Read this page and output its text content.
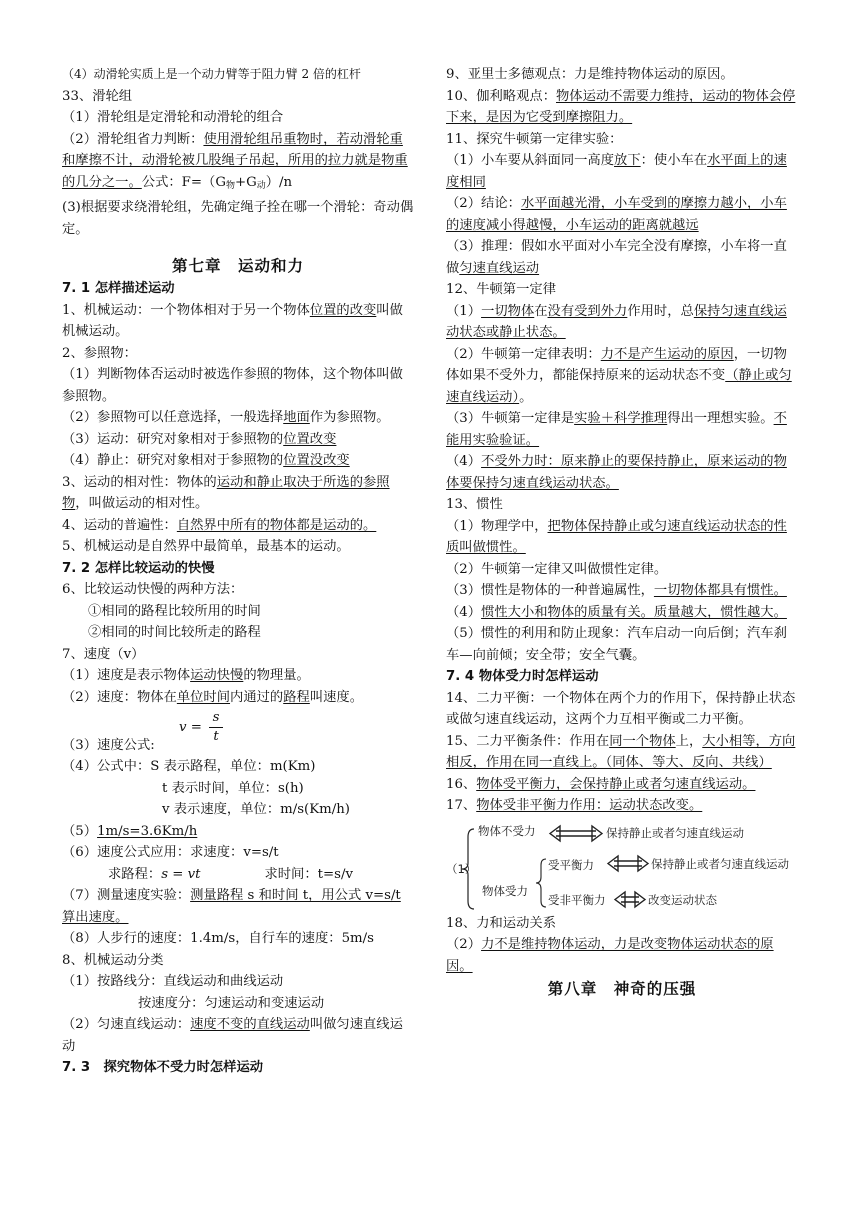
（4）动滑轮实质上是一个动力臂等于阻力臂 2 倍的杠杆
33、滑轮组
（1）滑轮组是定滑轮和动滑轮的组合
（2）滑轮组省力判断：使用滑轮组吊重物时，若动滑轮重和摩擦不计，动滑轮被几股绳子吊起，所用的拉力就是物重的几分之一。公式：$F=(G_物+G_动)/n$
(3)根据要求绕滑轮组，先确定绳子拴在哪一个滑轮：奇动偶定。
第七章　运动和力
7. 1 怎样描述运动
1、机械运动：一个物体相对于另一个物体位置的改变叫做机械运动。
2、参照物：
（1）判断物体否运动时被选作参照的物体，这个物体叫做参照物。
（2）参照物可以任意选择，一般选择地面作为参照物。
（3）运动：研究对象相对于参照物的位置改变
（4）静止：研究对象相对于参照物的位置没改变
3、运动的相对性：物体的运动和静止取决于所选的参照物，叫做运动的相对性。
4、运动的普遍性：自然界中所有的物体都是运动的。
5、机械运动是自然界中最简单，最基本的运动。
7. 2 怎样比较运动的快慢
6、比较运动快慢的两种方法：
①相同的路程比较所用的时间
②相同的时间比较所走的路程
7、速度（v）
（1）速度是表示物体运动快慢的物理量。
（2）速度：物体在单位时间内通过的路程叫速度。
（3）速度公式:
v =
s
t
（4）公式中：S 表示路程，单位：m(Km)
t 表示时间，单位：s(h)
v 表示速度，单位：m/s(Km/h)
（5）1m/s=3.6Km/h
（6）速度公式应用：求速度：v=s/t
求路程：s = vt	求时间：t=s/v
（7）测量速度实验：测量路程 s 和时间 t，用公式 v=s/t 算出速度。
（8）人步行的速度：1.4m/s，自行车的速度：5m/s
8、机械运动分类
（1）按路线分：直线运动和曲线运动
按速度分：匀速运动和变速运动
（2）匀速直线运动：速度不变的直线运动叫做匀速直线运动
7. 3　探究物体不受力时怎样运动
9、亚里士多德观点：力是维持物体运动的原因。
10、伽利略观点：物体运动不需要力维持，运动的物体会停下来，是因为它受到摩擦阻力。
11、探究牛顿第一定律实验：
（1）小车要从斜面同一高度放下：使小车在水平面上的速度相同
（2）结论：水平面越光滑，小车受到的摩擦力越小，小车的速度减小得越慢，小车运动的距离就越远
（3）推理：假如水平面对小车完全没有摩擦，小车将一直做匀速直线运动
12、牛顿第一定律
（1）一切物体在没有受到外力作用时，总保持匀速直线运动状态或静止状态。
（2）牛顿第一定律表明：力不是产生运动的原因，一切物体如果不受外力，都能保持原来的运动状态不变（静止或匀速直线运动）。
（3）牛顿第一定律是实验＋科学推理得出一理想实验。不能用实验验证。
（4）不受外力时：原来静止的要保持静止，原来运动的物体要保持匀速直线运动状态。
13、惯性
（1）物理学中，把物体保持静止或匀速直线运动状态的性质叫做惯性。
（2）牛顿第一定律又叫做惯性定律。
（3）惯性是物体的一种普遍属性，一切物体都具有惯性。
（4）惯性大小和物体的质量有关。质量越大，惯性越大。
（5）惯性的利用和防止现象：汽车启动一向后倒；汽车刹车—向前倾；安全带；安全气囊。
7. 4 物体受力时怎样运动
14、二力平衡：一个物体在两个力的作用下，保持静止状态或做匀速直线运动，这两个力互相平衡或二力平衡。
15、二力平衡条件：作用在同一个物体上，大小相等，方向相反，作用在同一直线上。（同体、等大、反向、共线）
16、物体受平衡力，会保持静止或者匀速直线运动。
17、物体受非平衡力作用：运动状态改变。
（1）
物体不受力	保持静止或者匀速直线运动
物体受力
受平衡力	保持静止或者匀速直线运动
受非平衡力	改变运动状态
18、力和运动关系
（2）力不是维持物体运动，力是改变物体运动状态的原因。
第八章　神奇的压强
